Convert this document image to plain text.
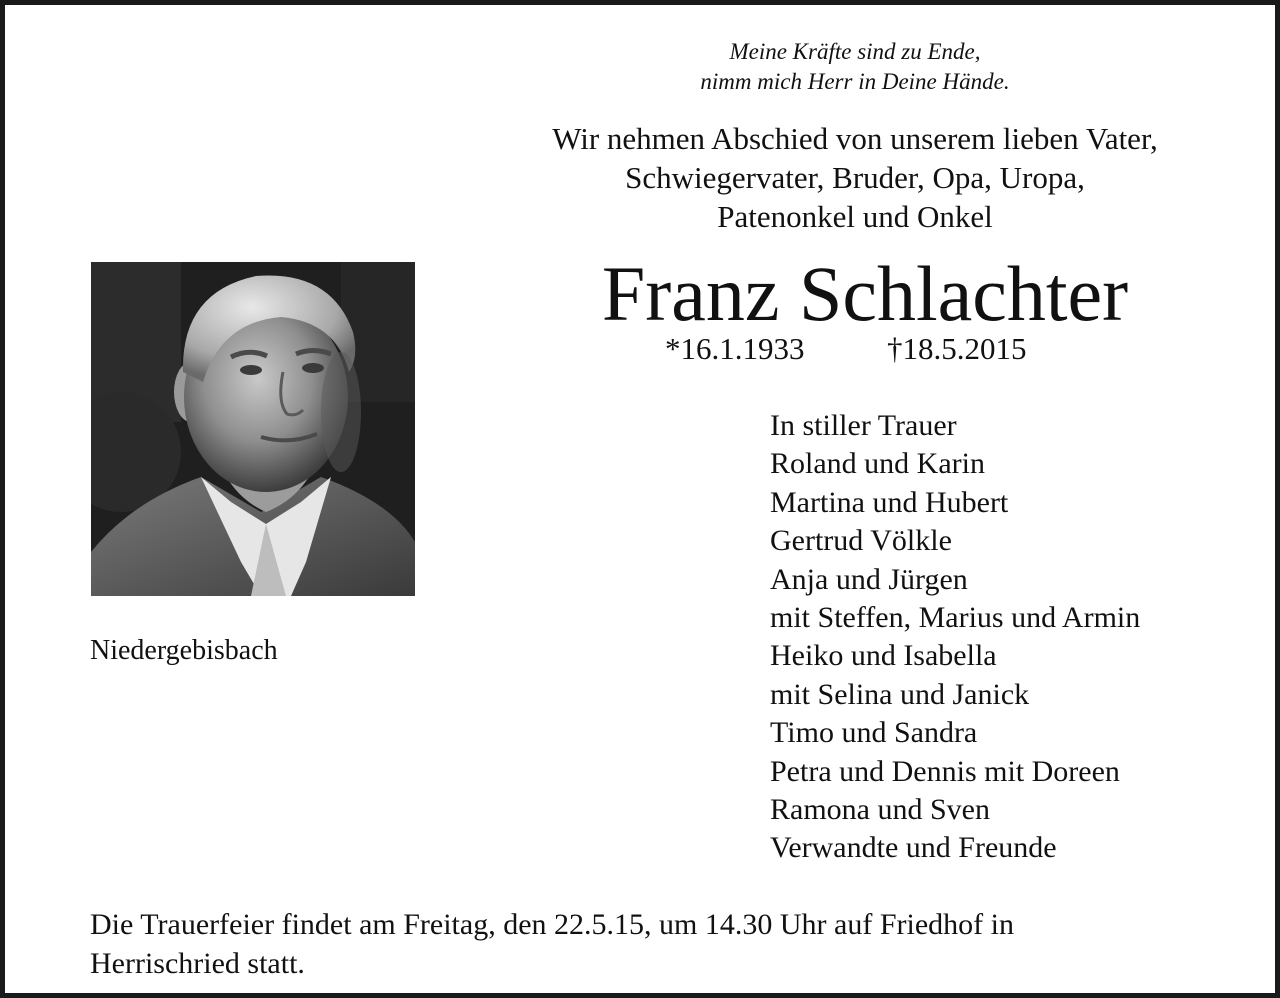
Meine Kräfte sind zu Ende,
nimm mich Herr in Deine Hände.
Wir nehmen Abschied von unserem lieben Vater,
Schwiegervater, Bruder, Opa, Uropa,
Patenonkel und Onkel
Franz Schlachter
*16.1.1933	†18.5.2015
Niedergebisbach
In stiller Trauer
Roland und Karin
Martina und Hubert
Gertrud Völkle
Anja und Jürgen
mit Steffen, Marius und Armin
Heiko und Isabella
mit Selina und Janick
Timo und Sandra
Petra und Dennis mit Doreen
Ramona und Sven
Verwandte und Freunde
Die Trauerfeier findet am Freitag, den 22.5.15, um 14.30 Uhr auf Friedhof in
Herrischried statt.
